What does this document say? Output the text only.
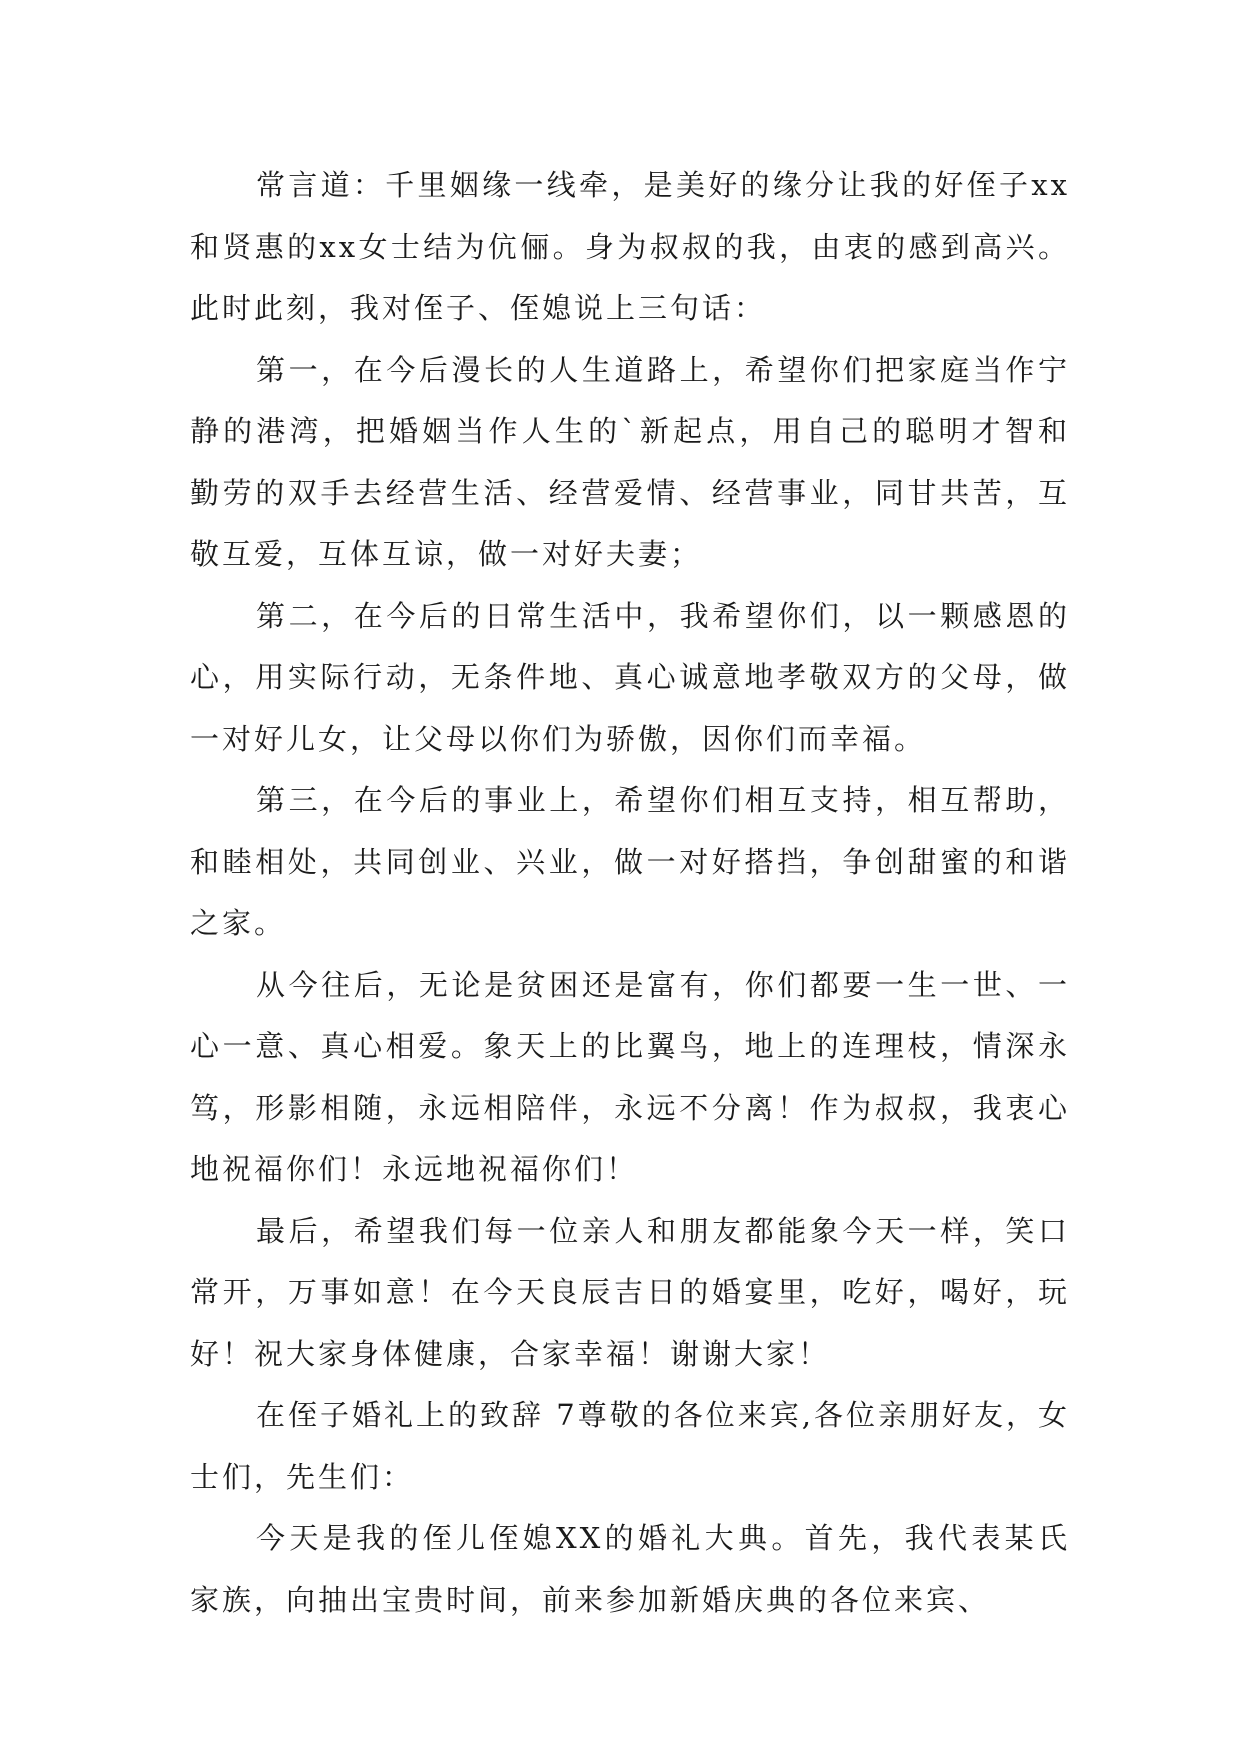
常言道：千里姻缘一线牵，是美好的缘分让我的好侄子xx和贤惠的xx女士结为伉俪。身为叔叔的我，由衷的感到高兴。此时此刻，我对侄子、侄媳说上三句话：

第一，在今后漫长的人生道路上，希望你们把家庭当作宁静的港湾，把婚姻当作人生的`新起点，用自己的聪明才智和勤劳的双手去经营生活、经营爱情、经营事业，同甘共苦，互敬互爱，互体互谅，做一对好夫妻；

第二，在今后的日常生活中，我希望你们，以一颗感恩的心，用实际行动，无条件地、真心诚意地孝敬双方的父母，做一对好儿女，让父母以你们为骄傲，因你们而幸福。

第三，在今后的事业上，希望你们相互支持，相互帮助，和睦相处，共同创业、兴业，做一对好搭挡，争创甜蜜的和谐之家。

从今往后，无论是贫困还是富有，你们都要一生一世、一心一意、真心相爱。象天上的比翼鸟，地上的连理枝，情深永笃，形影相随，永远相陪伴，永远不分离！作为叔叔，我衷心地祝福你们！永远地祝福你们！

最后，希望我们每一位亲人和朋友都能象今天一样，笑口常开，万事如意！在今天良辰吉日的婚宴里，吃好，喝好，玩好！祝大家身体健康，合家幸福！谢谢大家！

在侄子婚礼上的致辞 7尊敬的各位来宾,各位亲朋好友，女士们，先生们：

今天是我的侄儿侄媳XX的婚礼大典。首先，我代表某氏家族，向抽出宝贵时间，前来参加新婚庆典的各位来宾、
